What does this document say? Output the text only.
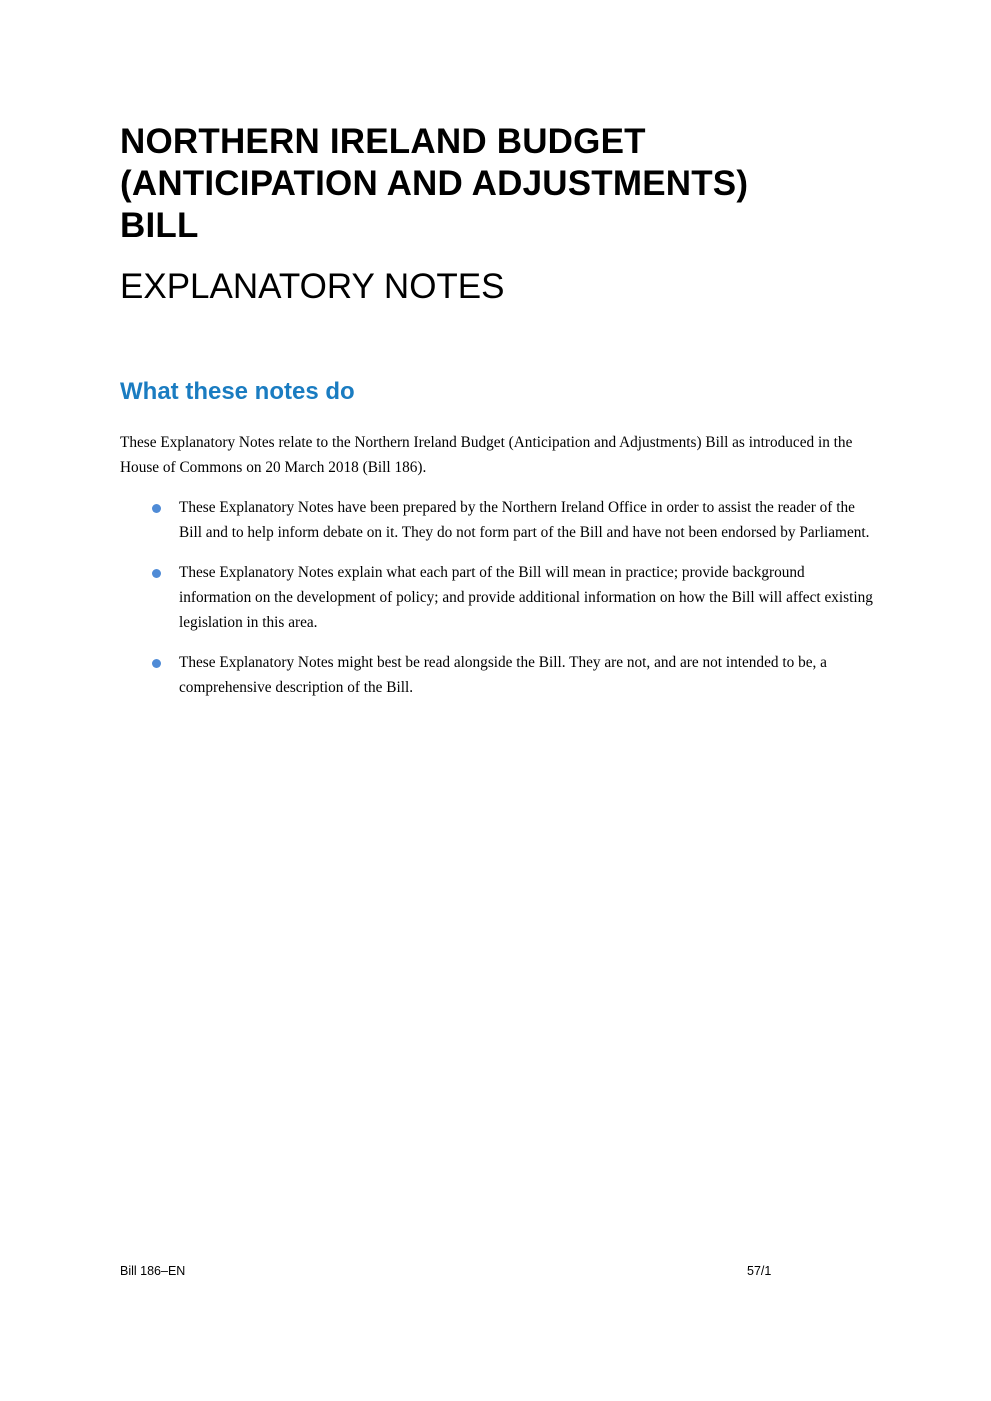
NORTHERN IRELAND BUDGET
(ANTICIPATION AND ADJUSTMENTS)
BILL
EXPLANATORY NOTES
What these notes do

These Explanatory Notes relate to the Northern Ireland Budget (Anticipation and Adjustments) Bill as introduced in the House of Commons on 20 March 2018 (Bill 186).

These Explanatory Notes have been prepared by the Northern Ireland Office in order to assist the reader of the Bill and to help inform debate on it. They do not form part of the Bill and have not been endorsed by Parliament.
These Explanatory Notes explain what each part of the Bill will mean in practice; provide background information on the development of policy; and provide additional information on how the Bill will affect existing legislation in this area.
These Explanatory Notes might best be read alongside the Bill. They are not, and are not intended to be, a comprehensive description of the Bill.
Bill 186–EN	57/1
